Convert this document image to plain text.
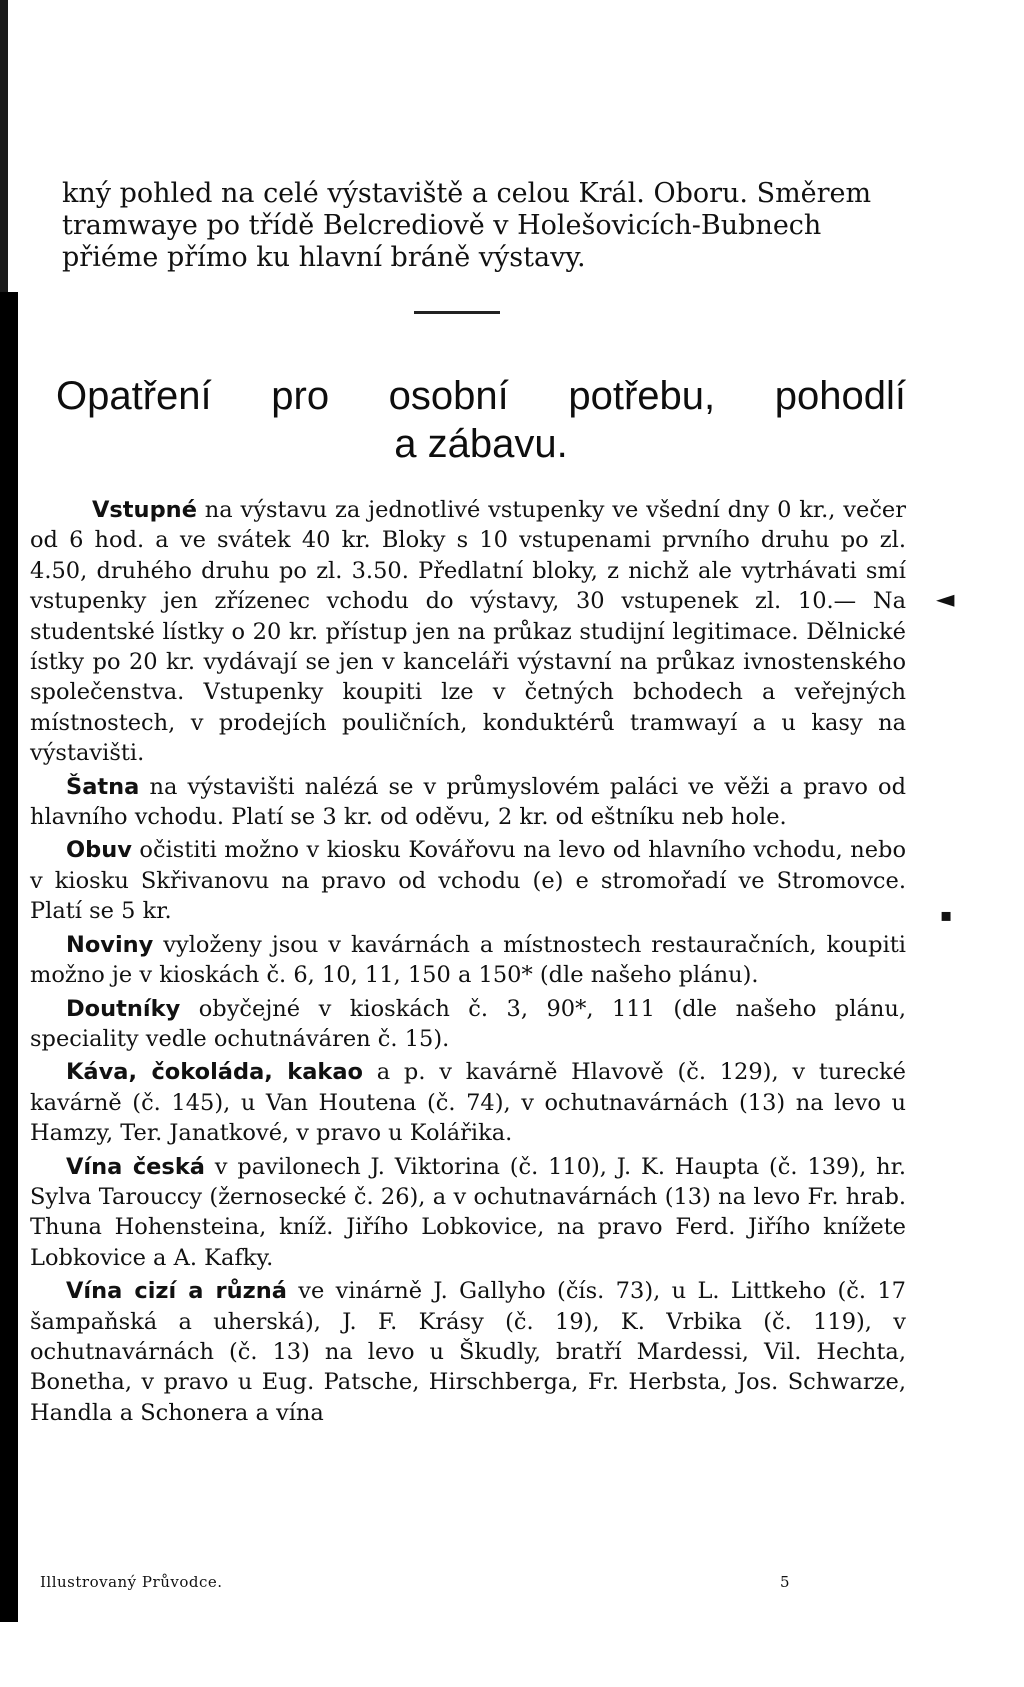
kný pohled na celé výstaviště a celou Král. Oboru. Směrem tramwaye po třídě Belcrediově v Holešovicích-Bubnech přiéme přímo ku hlavní bráně výstavy.

Opatření pro osobní potřebu, pohodlí
a zábavu.

Vstupné na výstavu za jednotlivé vstupenky ve všední dny 0 kr., večer od 6 hod. a ve svátek 40 kr. Bloky s 10 vstupenami prvního druhu po zl. 4.50, druhého druhu po zl. 3.50. Předlatní bloky, z nichž ale vytrhávati smí vstupenky jen zřízenec vchodu do výstavy, 30 vstupenek zl. 10.— Na studentské lístky o 20 kr. přístup jen na průkaz studijní legitimace. Dělnické ístky po 20 kr. vydávají se jen v kanceláři výstavní na průkaz ivnostenského společenstva. Vstupenky koupiti lze v četných bchodech a veřejných místnostech, v prodejích pouličních, konduktérů tramwayí a u kasy na výstavišti.

Šatna na výstavišti nalézá se v průmyslovém paláci ve věži a pravo od hlavního vchodu. Platí se 3 kr. od oděvu, 2 kr. od eštníku neb hole.

Obuv očistiti možno v kiosku Kovářovu na levo od hlavního vchodu, nebo v kiosku Skřivanovu na pravo od vchodu (e) e stromořadí ve Stromovce. Platí se 5 kr.

Noviny vyloženy jsou v kavárnách a místnostech restauračních, koupiti možno je v kioskách č. 6, 10, 11, 150 a 150* (dle našeho plánu).

Doutníky obyčejné v kioskách č. 3, 90*, 111 (dle našeho plánu, speciality vedle ochutnáváren č. 15).

Káva, čokoláda, kakao a p. v kavárně Hlavově (č. 129), v turecké kavárně (č. 145), u Van Houtena (č. 74), v ochutnavárnách (13) na levo u Hamzy, Ter. Janatkové, v pravo u Kolářika.

Vína česká v pavilonech J. Viktorina (č. 110), J. K. Haupta (č. 139), hr. Sylva Tarouccy (žernosecké č. 26), a v ochutnavárnách (13) na levo Fr. hrab. Thuna Hohensteina, kníž. Jiřího Lobkovice, na pravo Ferd. Jiřího knížete Lobkovice a A. Kafky.

Vína cizí a různá ve vinárně J. Gallyho (čís. 73), u L. Littkeho (č. 17 šampaňská a uherská), J. F. Krásy (č. 19), K. Vrbika (č. 119), v ochutnavárnách (č. 13) na levo u Škudly, bratří Mardessi, Vil. Hechta, Bonetha, v pravo u Eug. Patsche, Hirschberga, Fr. Herbsta, Jos. Schwarze, Handla a Schonera a vína

Illustrovaný Průvodce.	5
◄
▪
